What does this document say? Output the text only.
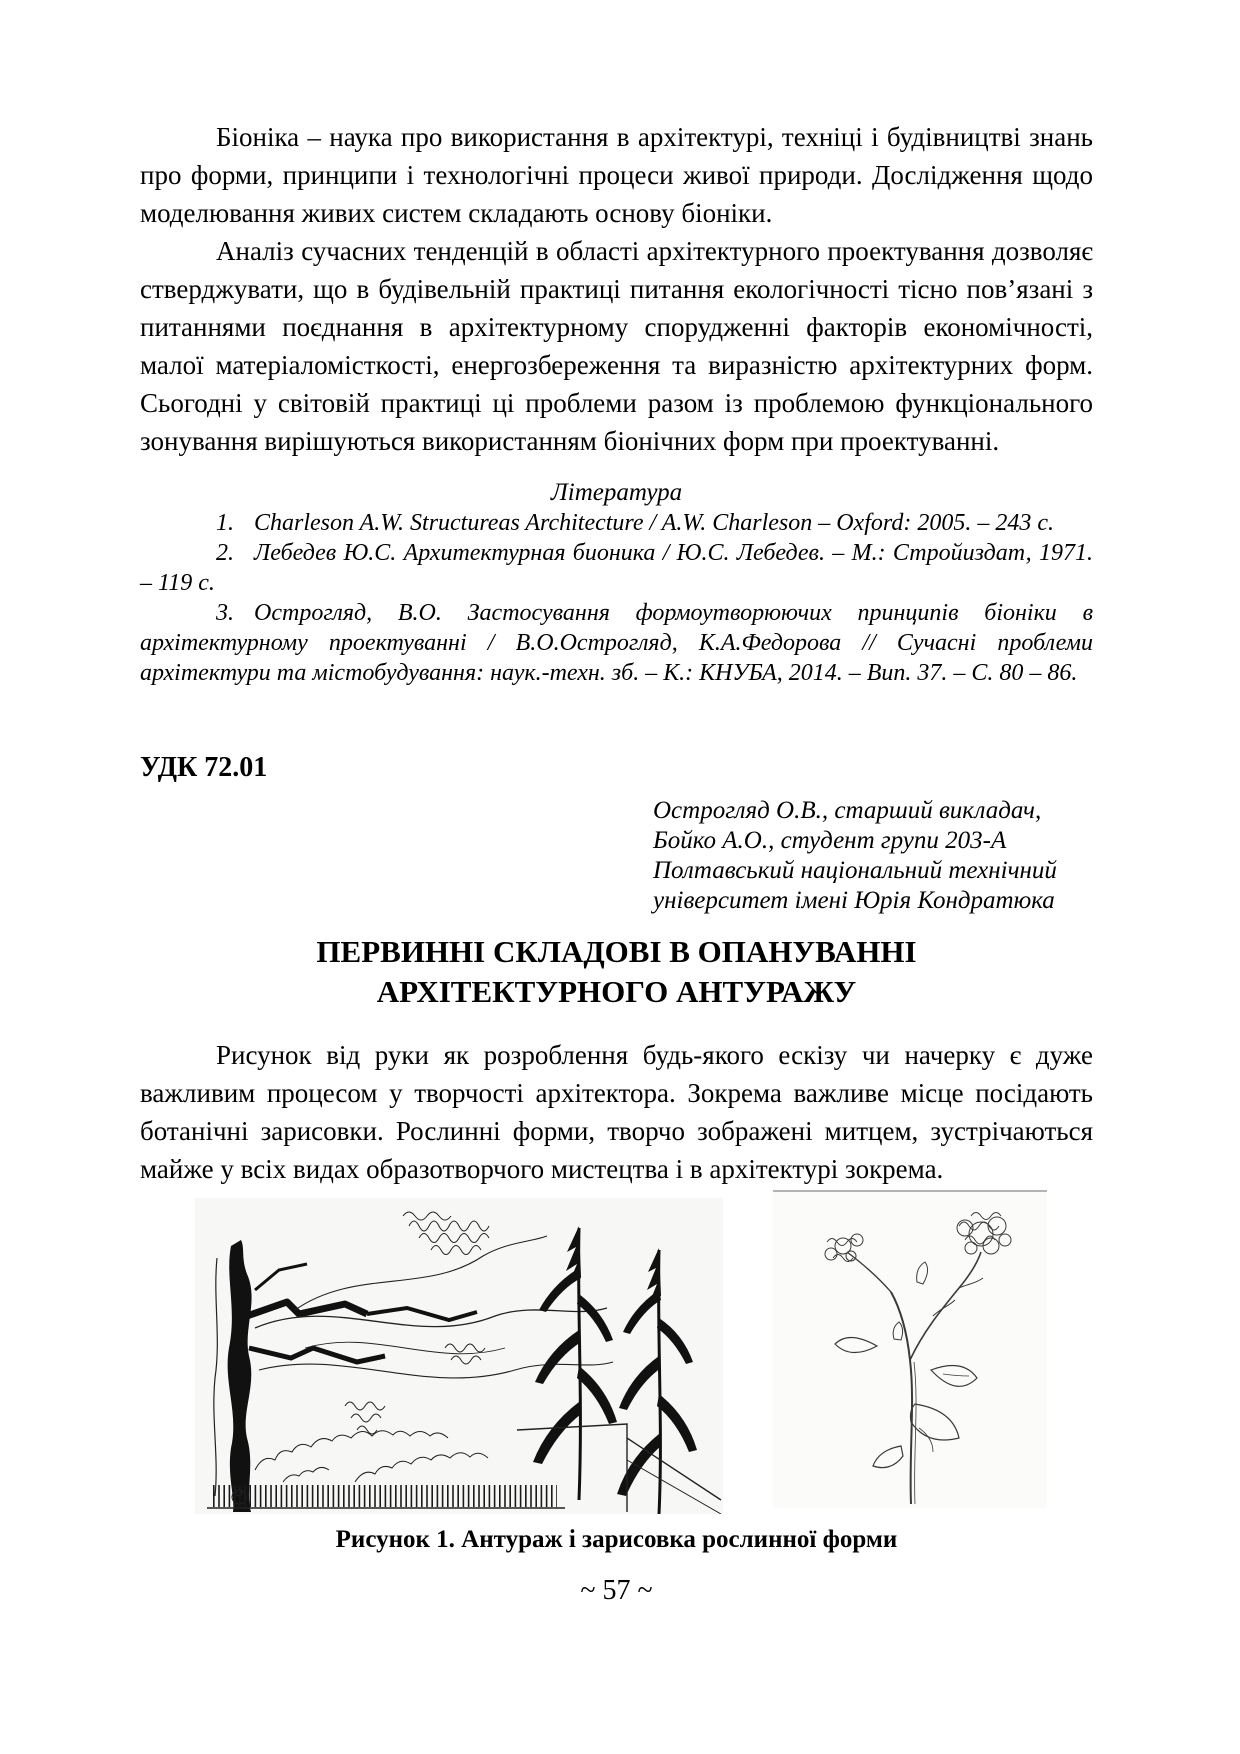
Біоніка – наука про використання в архітектурі, техніці і будівництві знань про форми, принципи і технологічні процеси живої природи. Дослідження щодо моделювання живих систем складають основу біоніки.

Аналіз сучасних тенденцій в області архітектурного проектування дозволяє стверджувати, що в будівельній практиці питання екологічності тісно пов’язані з питаннями поєднання в архітектурному спорудженні факторів економічності, малої матеріаломісткості, енергозбереження та виразністю архітектурних форм. Сьогодні у світовій практиці ці проблеми разом із проблемою функціонального зонування вирішуються використанням біонічних форм при проектуванні.

Література

1. Charleson A.W. Structureas Architecture / A.W. Charleson – Oxford: 2005. – 243 с.

2. Лебедев Ю.С. Архитектурная бионика / Ю.С. Лебедев. – М.: Стройиздат, 1971. – 119 с.

3. Острогляд, В.О. Застосування формоутворюючих принципів біоніки в архітектурному проектуванні / В.О.Острогляд, К.А.Федорова // Сучасні проблеми архітектури та містобудування: наук.-техн. зб. – К.: КНУБА, 2014. – Вип. 37. – С. 80 – 86.

УДК 72.01
Острогляд О.В., старший викладач,
Бойко А.О., студент групи 203-А
Полтавський національний технічний
університет імені Юрія Кондратюка
ПЕРВИННІ СКЛАДОВІ В ОПАНУВАННІ
АРХІТЕКТУРНОГО АНТУРАЖУ

Рисунок від руки як розроблення будь-якого ескізу чи начерку є дуже важливим процесом у творчості архітектора. Зокрема важливе місце посідають ботанічні зарисовки. Рослинні форми, творчо зображені митцем, зустрічаються майже у всіх видах образотворчого мистецтва і в архітектурі зокрема.

Рисунок 1. Антураж і зарисовка рослинної форми
~ 57 ~
